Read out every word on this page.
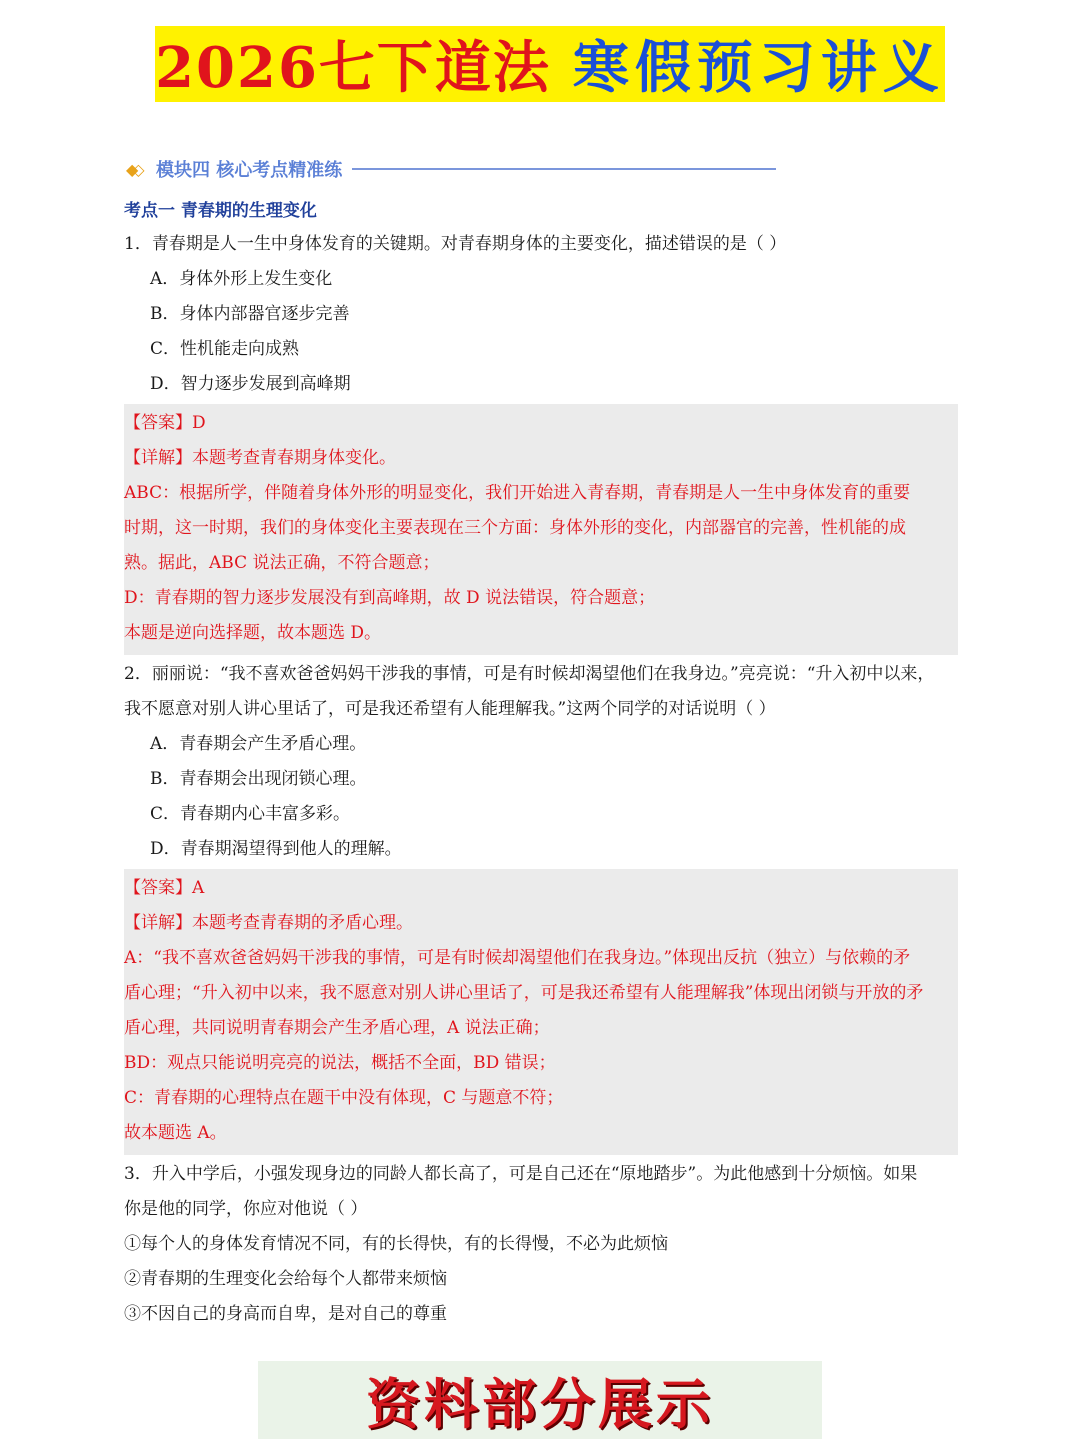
2026七下道法 寒假预习讲义
◆◇ 模块四 核心考点精准练
考点一 青春期的生理变化
1．青春期是人一生中身体发育的关键期。对青春期身体的主要变化，描述错误的是（ ）
A．身体外形上发生变化
B．身体内部器官逐步完善
C．性机能走向成熟
D．智力逐步发展到高峰期
【答案】D
【详解】本题考查青春期身体变化。
ABC：根据所学，伴随着身体外形的明显变化，我们开始进入青春期，青春期是人一生中身体发育的重要
时期，这一时期，我们的身体变化主要表现在三个方面：身体外形的变化，内部器官的完善，性机能的成
熟。据此，ABC 说法正确，不符合题意；
D：青春期的智力逐步发展没有到高峰期，故 D 说法错误，符合题意；
本题是逆向选择题，故本题选 D。
2．丽丽说：“我不喜欢爸爸妈妈干涉我的事情，可是有时候却渴望他们在我身边。”亮亮说：“升入初中以来，
我不愿意对别人讲心里话了，可是我还希望有人能理解我。”这两个同学的对话说明（ ）
A．青春期会产生矛盾心理。
B．青春期会出现闭锁心理。
C．青春期内心丰富多彩。
D．青春期渴望得到他人的理解。
【答案】A
【详解】本题考查青春期的矛盾心理。
A：“我不喜欢爸爸妈妈干涉我的事情，可是有时候却渴望他们在我身边。”体现出反抗（独立）与依赖的矛
盾心理；“升入初中以来，我不愿意对别人讲心里话了，可是我还希望有人能理解我”体现出闭锁与开放的矛
盾心理，共同说明青春期会产生矛盾心理，A 说法正确；
BD：观点只能说明亮亮的说法，概括不全面，BD 错误；
C：青春期的心理特点在题干中没有体现，C 与题意不符；
故本题选 A。
3．升入中学后，小强发现身边的同龄人都长高了，可是自己还在“原地踏步”。为此他感到十分烦恼。如果
你是他的同学，你应对他说（ ）
①每个人的身体发育情况不同，有的长得快，有的长得慢，不必为此烦恼
②青春期的生理变化会给每个人都带来烦恼
③不因自己的身高而自卑，是对自己的尊重
资料部分展示
